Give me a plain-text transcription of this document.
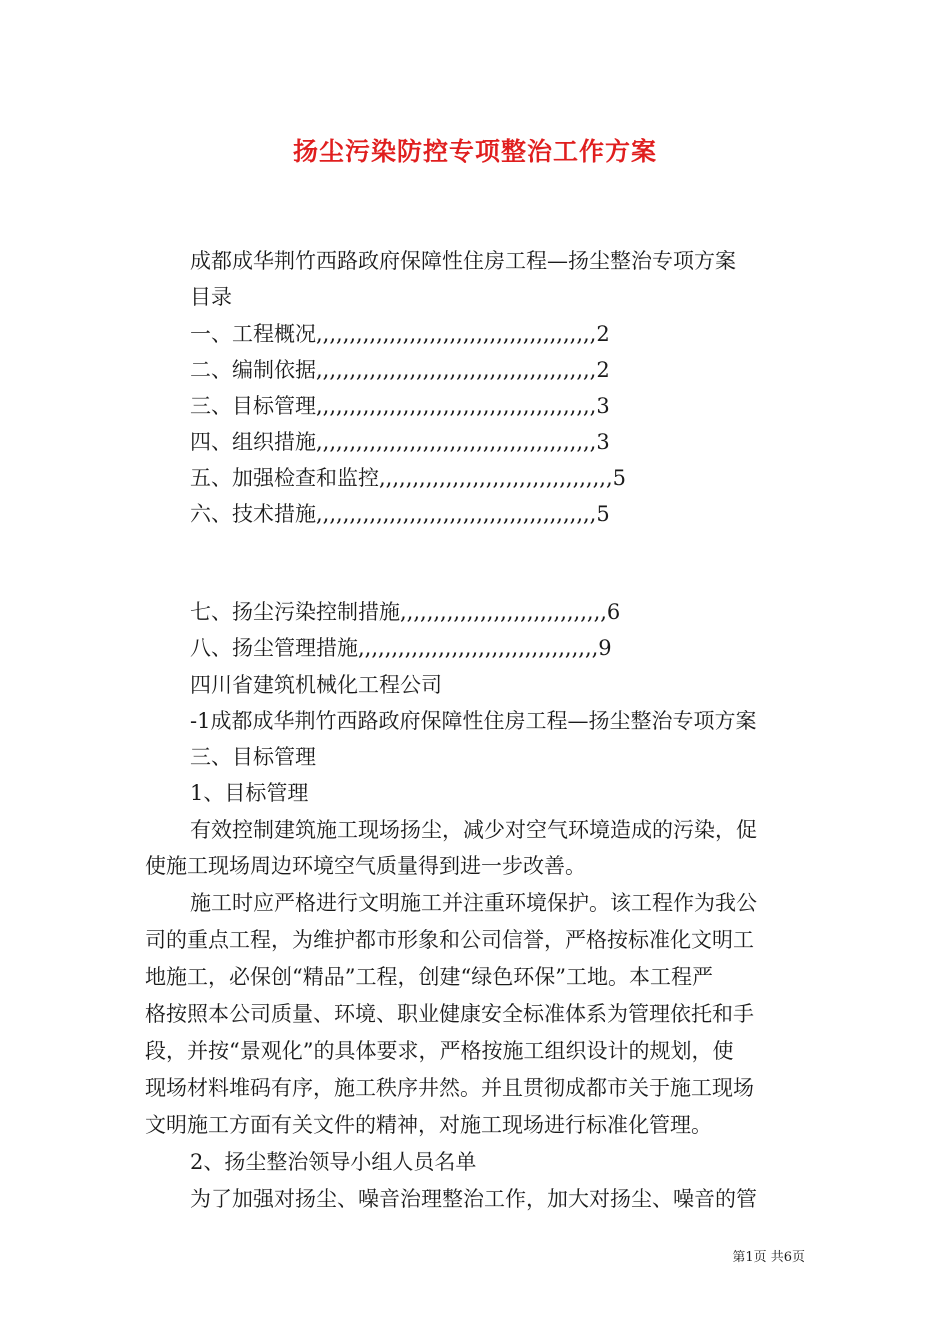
扬尘污染防控专项整治工作方案
成都成华荆竹西路政府保障性住房工程—扬尘整治专项方案
目录
一、工程概况,,,,,,,,,,,,,,,,,,,,,,,,,,,,,,,,,,,,,,,,,,2
二、编制依据,,,,,,,,,,,,,,,,,,,,,,,,,,,,,,,,,,,,,,,,,,2
三、目标管理,,,,,,,,,,,,,,,,,,,,,,,,,,,,,,,,,,,,,,,,,,3
四、组织措施,,,,,,,,,,,,,,,,,,,,,,,,,,,,,,,,,,,,,,,,,,3
五、加强检查和监控,,,,,,,,,,,,,,,,,,,,,,,,,,,,,,,,,,,5
六、技术措施,,,,,,,,,,,,,,,,,,,,,,,,,,,,,,,,,,,,,,,,,,5
七、扬尘污染控制措施,,,,,,,,,,,,,,,,,,,,,,,,,,,,,,,6
八、扬尘管理措施,,,,,,,,,,,,,,,,,,,,,,,,,,,,,,,,,,,,9
四川省建筑机械化工程公司
-1成都成华荆竹西路政府保障性住房工程—扬尘整治专项方案
三、目标管理
1、目标管理
有效控制建筑施工现场扬尘，减少对空气环境造成的污染，促
使施工现场周边环境空气质量得到进一步改善。
施工时应严格进行文明施工并注重环境保护。该工程作为我公
司的重点工程，为维护都市形象和公司信誉，严格按标准化文明工
地施工，必保创“精品”工程，创建“绿色环保”工地。本工程严
格按照本公司质量、环境、职业健康安全标准体系为管理依托和手
段，并按“景观化”的具体要求，严格按施工组织设计的规划，使
现场材料堆码有序，施工秩序井然。并且贯彻成都市关于施工现场
文明施工方面有关文件的精神，对施工现场进行标准化管理。
2、扬尘整治领导小组人员名单
为了加强对扬尘、噪音治理整治工作，加大对扬尘、噪音的管
第1页 共6页
